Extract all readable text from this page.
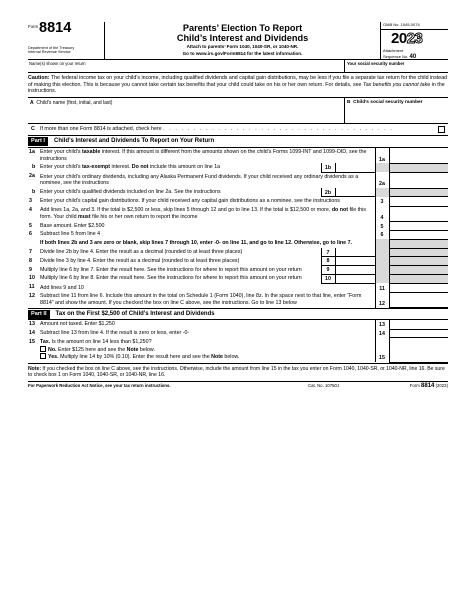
Form 8814
Department of the Treasury
Internal Revenue Service
Parents’ Election To Report
Child’s Interest and Dividends
Attach to parents’ Form 1040, 1040-SR, or 1040-NR.
Go to www.irs.gov/Form8814 for the latest information.
OMB No. 1545-0074
2023
Attachment
Sequence No. 40
Name(s) shown on your return	Your social security number
Caution: The federal income tax on your child’s income, including qualified dividends and capital gain distributions, may be less if you file a separate tax return for the child instead of making this election. This is because you cannot take certain tax benefits that your child could take on his or her own return. For details, see Tax benefits you cannot take in the instructions.
A Child’s name (first, initial, and last)	B Child’s social security number
C If more than one Form 8814 is attached, check here . . . . . . . . . . . . . . . . . . . . . . . . . . . . . . . . . . . . . .
Part I	Child’s Interest and Dividends To Report on Your Return
1a	Enter your child’s taxable interest. If this amount is different from the amounts shown on the child’s Forms 1099-INT and 1099-OID, see the instructions			1a	
b	Enter your child’s tax-exempt interest. Do not include this amount on line 1a	1b			
2a	Enter your child’s ordinary dividends, including any Alaska Permanent Fund dividends. If your child received any ordinary dividends as a nominee, see the instructions			2a	
b	Enter your child’s qualified dividends included on line 2a. See the instructions	2b			
3	Enter your child’s capital gain distributions. If your child received any capital gain distributions as a nominee, see the instructions			3	
4	Add lines 1a, 2a, and 3. If the total is $2,500 or less, skip lines 5 through 12 and go to line 13. If the total is $12,500 or more, do not file this form. Your child must file his or her own return to report the income			4	
5	Base amount. Enter $2,500			5	
6	Subtract line 5 from line 4			6	
	If both lines 2b and 3 are zero or blank, skip lines 7 through 10, enter -0- on line 11, and go to line 12. Otherwise, go to line 7.				
7	Divide line 2b by line 4. Enter the result as a decimal (rounded to at least three places)	7			
8	Divide line 3 by line 4. Enter the result as a decimal (rounded to at least three places)	8			
9	Multiply line 6 by line 7. Enter the result here. See the instructions for where to report this amount on your return	9			
10	Multiply line 6 by line 8. Enter the result here. See the instructions for where to report this amount on your return	10			
11	Add lines 9 and 10			11	
12	Subtract line 11 from line 6. Include this amount in the total on Schedule 1 (Form 1040), line 8z. In the space next to that line, enter “Form 8814” and show the amount. If you checked the box on line C above, see the instructions. Go to line 13 below			12	
Part II	Tax on the First $2,500 of Child’s Interest and Dividends
13	Amount not taxed. Enter $1,250	13	
14	Subtract line 13 from line 4. If the result is zero or less, enter -0-	14	
15	Tax. Is the amount on line 14 less than $1,250?
No. Enter $125 here and see the Note below.
Yes. Multiply line 14 by 10% (0.10). Enter the result here and see the Note below.	15	
Note: If you checked the box on line C above, see the instructions. Otherwise, include the amount from line 15 in the tax you enter on Form 1040, 1040-SR, or 1040-NR, line 16. Be sure to check box 1 on Form 1040, 1040-SR, or 1040-NR, line 16.
For Paperwork Reduction Act Notice, see your tax return instructions.	Cat. No. 10750J	Form 8814 (2023)
